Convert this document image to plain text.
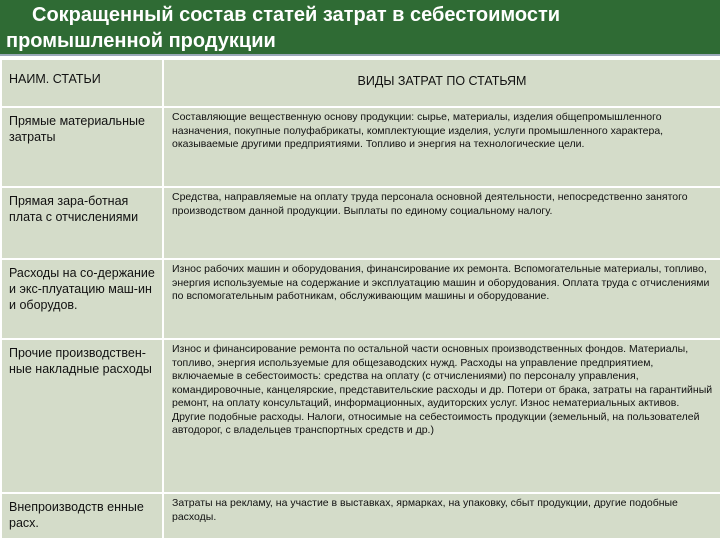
Сокращенный состав статей затрат в себестоимости
промышленной продукции
НАИМ. СТАТЬИ	ВИДЫ ЗАТРАТ ПО СТАТЬЯМ
Прямые материальные затраты	Составляющие вещественную основу продукции: сырье, материалы, изделия общепромышленного назначения, покупные полуфабрикаты, комплектующие изделия, услуги промышленного характера, оказываемые другими предприятиями. Топливо и энергия на технологические цели.
Прямая зара-ботная плата с отчислениями	Средства, направляемые на оплату труда персонала основной деятельности, непосредственно занятого производством данной продукции. Выплаты по единому социальному налогу.
Расходы на со-держание и экс-плуатацию маш-ин и оборудов.	Износ рабочих машин и оборудования, финансирование их ремонта. Вспомогательные материалы, топливо, энергия используемые на содержание и эксплуатацию машин и оборудования. Оплата труда с отчислениями по вспомогательным работникам, обслуживающим машины и оборудование.
Прочие производствен-ные накладные расходы	Износ и финансирование ремонта по остальной части основных производственных фондов. Материалы, топливо, энергия используемые для общезаводских нужд. Расходы на управление предприятием, включаемые в себестоимость: средства на оплату (с отчислениями) по персоналу управления, командировочные, канцелярские, представительские расходы и др. Потери от брака, затраты на гарантийный ремонт, на оплату консультаций, информационных, аудиторских услуг. Износ нематериальных активов. Другие подобные расходы. Налоги, относимые на себестоимость продукции (земельный, на пользователей автодорог, с владельцев транспортных средств и др.)
Внепроизводств енные расх.	Затраты на рекламу, на участие в выставках, ярмарках, на упаковку, сбыт продукции, другие подобные расходы.
